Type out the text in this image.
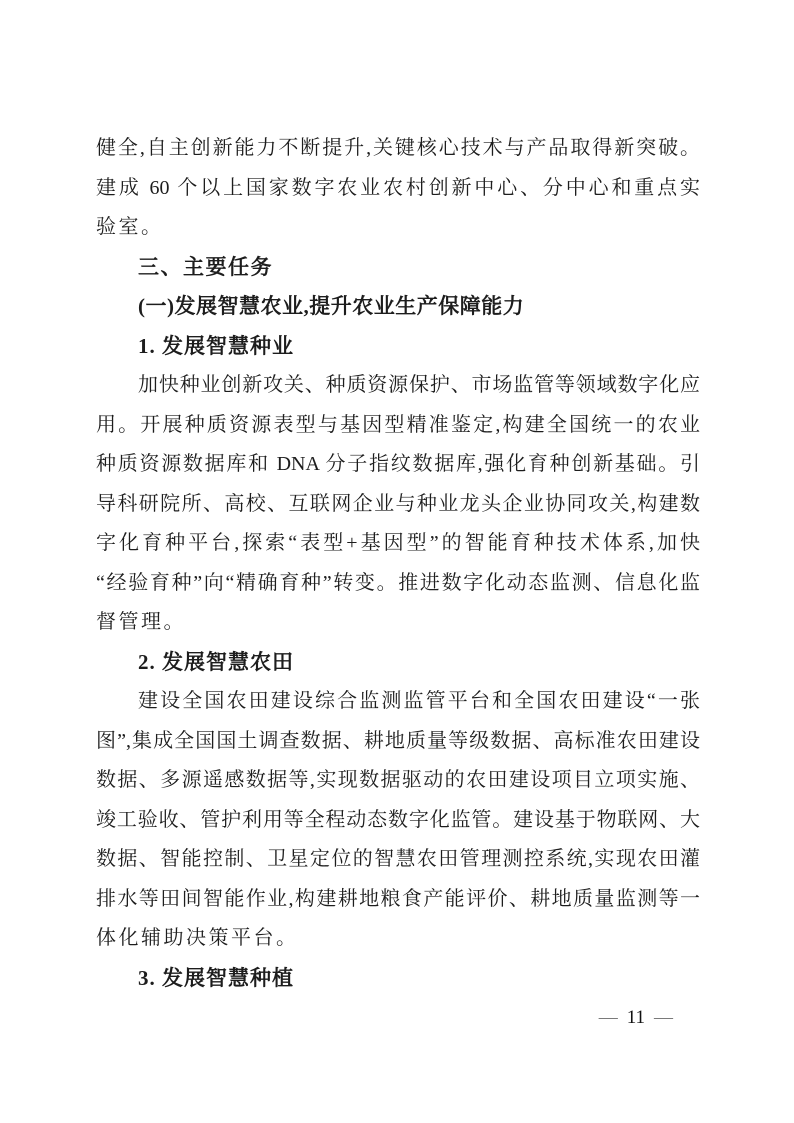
健全,自主创新能力不断提升,关键核心技术与产品取得新突破。
建成 60 个以上国家数字农业农村创新中心、分中心和重点实
验室。
三、主要任务
(一)发展智慧农业,提升农业生产保障能力
1. 发展智慧种业
加快种业创新攻关、种质资源保护、市场监管等领域数字化应
用。开展种质资源表型与基因型精准鉴定,构建全国统一的农业
种质资源数据库和 DNA 分子指纹数据库,强化育种创新基础。引
导科研院所、高校、互联网企业与种业龙头企业协同攻关,构建数
字化育种平台,探索“表型+基因型”的智能育种技术体系,加快
“经验育种”向“精确育种”转变。推进数字化动态监测、信息化监
督管理。
2. 发展智慧农田
建设全国农田建设综合监测监管平台和全国农田建设“一张
图”,集成全国国土调查数据、耕地质量等级数据、高标准农田建设
数据、多源遥感数据等,实现数据驱动的农田建设项目立项实施、
竣工验收、管护利用等全程动态数字化监管。建设基于物联网、大
数据、智能控制、卫星定位的智慧农田管理测控系统,实现农田灌
排水等田间智能作业,构建耕地粮食产能评价、耕地质量监测等一
体化辅助决策平台。
3. 发展智慧种植
— 11 —
